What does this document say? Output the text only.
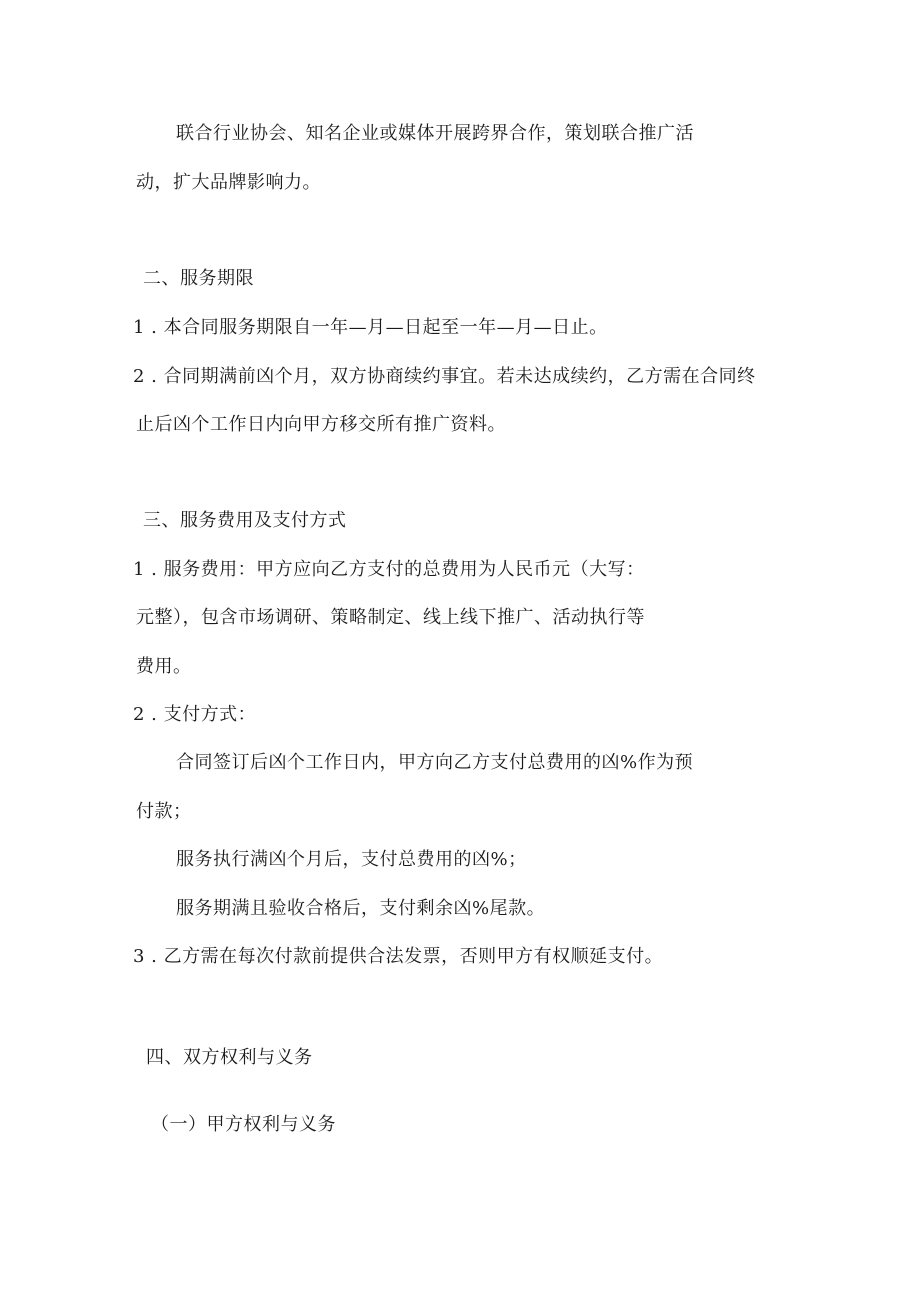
联合行业协会、知名企业或媒体开展跨界合作，策划联合推广活
动，扩大品牌影响力。
二、服务期限
1 . 本合同服务期限自一年—月—日起至一年—月—日止。
2 . 合同期满前凶个月，双方协商续约事宜。若未达成续约，乙方需在合同终
止后凶个工作日内向甲方移交所有推广资料。
三、服务费用及支付方式
1 . 服务费用：甲方应向乙方支付的总费用为人民币元（大写：
元整），包含市场调研、策略制定、线上线下推广、活动执行等
费用。
2 . 支付方式：
合同签订后凶个工作日内，甲方向乙方支付总费用的凶%作为预
付款；
服务执行满凶个月后，支付总费用的凶%；
服务期满且验收合格后，支付剩余凶%尾款。
3 . 乙方需在每次付款前提供合法发票，否则甲方有权顺延支付。
四、双方权利与义务
（一）甲方权利与义务
